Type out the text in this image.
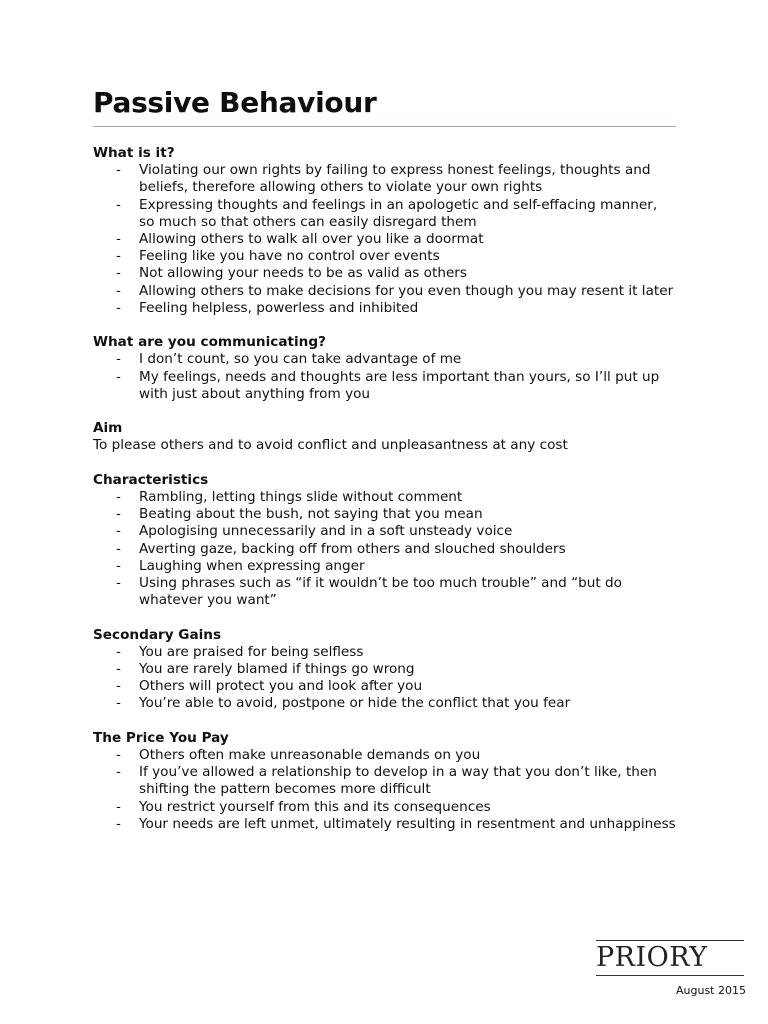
Passive Behaviour
What is it?
- Violating our own rights by failing to express honest feelings, thoughts and
beliefs, therefore allowing others to violate your own rights
- Expressing thoughts and feelings in an apologetic and self-effacing manner,
so much so that others can easily disregard them
- Allowing others to walk all over you like a doormat
- Feeling like you have no control over events
- Not allowing your needs to be as valid as others
- Allowing others to make decisions for you even though you may resent it later
- Feeling helpless, powerless and inhibited
What are you communicating?
- I don’t count, so you can take advantage of me
- My feelings, needs and thoughts are less important than yours, so I’ll put up
with just about anything from you
Aim
To please others and to avoid conflict and unpleasantness at any cost
Characteristics
- Rambling, letting things slide without comment
- Beating about the bush, not saying that you mean
- Apologising unnecessarily and in a soft unsteady voice
- Averting gaze, backing off from others and slouched shoulders
- Laughing when expressing anger
- Using phrases such as “if it wouldn’t be too much trouble” and “but do
whatever you want”
Secondary Gains
- You are praised for being selfless
- You are rarely blamed if things go wrong
- Others will protect you and look after you
- You’re able to avoid, postpone or hide the conflict that you fear
The Price You Pay
- Others often make unreasonable demands on you
- If you’ve allowed a relationship to develop in a way that you don’t like, then
shifting the pattern becomes more difficult
- You restrict yourself from this and its consequences
- Your needs are left unmet, ultimately resulting in resentment and unhappiness
PRIORY
August 2015
